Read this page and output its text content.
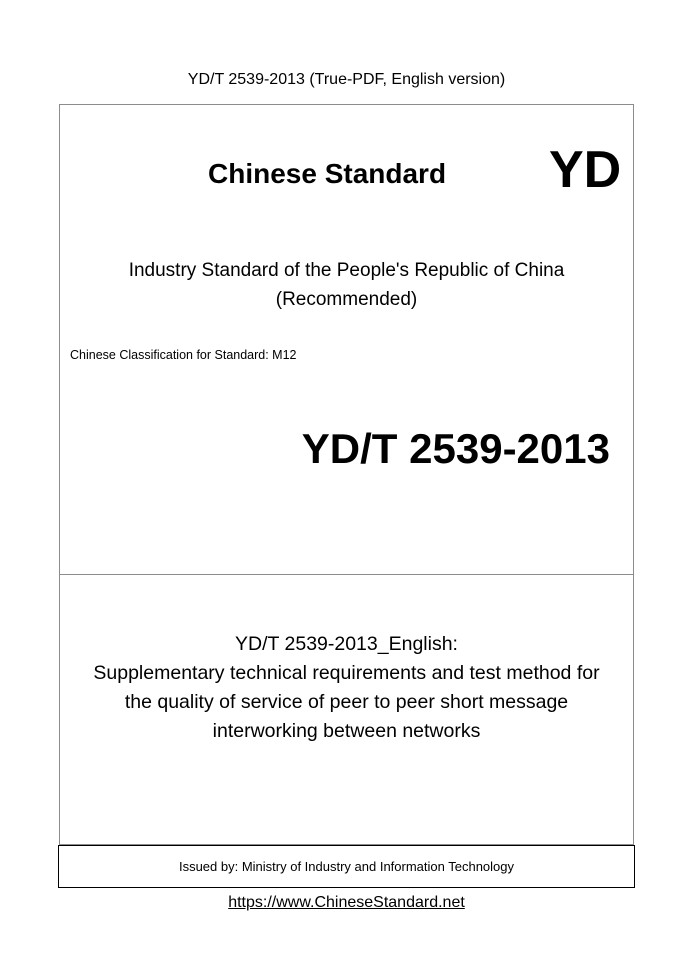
YD/T 2539-2013 (True-PDF, English version)
Chinese Standard YD
Industry Standard of the People's Republic of China
(Recommended)
Chinese Classification for Standard: M12
YD/T 2539-2013
YD/T 2539-2013_English:
Supplementary technical requirements and test method for
the quality of service of peer to peer short message
interworking between networks
Issued by: Ministry of Industry and Information Technology
https://www.ChineseStandard.net
